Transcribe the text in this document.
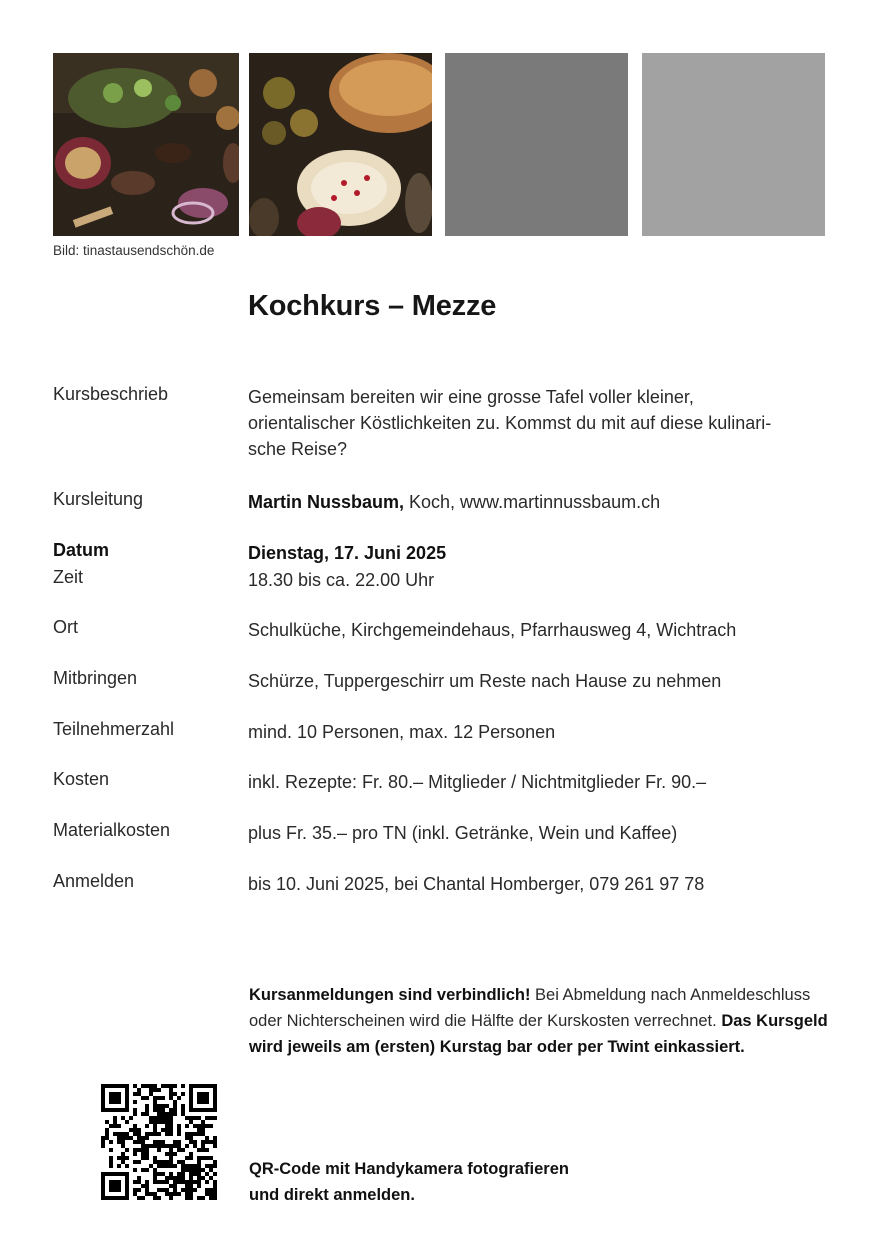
Bild: tinastausendschön.de
Kochkurs – Mezze
Kursbeschrieb	Gemeinsam bereiten wir eine grosse Tafel voller kleiner,
orientalischer Köstlichkeiten zu. Kommst du mit auf diese kulinari-
sche Reise?
Kursleitung	Martin Nussbaum, Koch, www.martinnussbaum.ch
Datum	Dienstag, 17. Juni 2025
Zeit	18.30 bis ca. 22.00 Uhr
Ort	Schulküche, Kirchgemeindehaus, Pfarrhausweg 4, Wichtrach
Mitbringen	Schürze, Tuppergeschirr um Reste nach Hause zu nehmen
Teilnehmerzahl	mind. 10 Personen, max. 12 Personen
Kosten	inkl. Rezepte: Fr. 80.– Mitglieder / Nichtmitglieder Fr. 90.–
Materialkosten	plus Fr. 35.– pro TN (inkl. Getränke, Wein und Kaffee)
Anmelden	bis 10. Juni 2025, bei Chantal Homberger, 079 261 97 78
Kursanmeldungen sind verbindlich! Bei Abmeldung nach Anmeldeschluss oder Nichterscheinen wird die Hälfte der Kurskosten verrechnet. Das Kursgeld wird jeweils am (ersten) Kurstag bar oder per Twint einkassiert.
QR-Code mit Handykamera fotografieren
und direkt anmelden.
